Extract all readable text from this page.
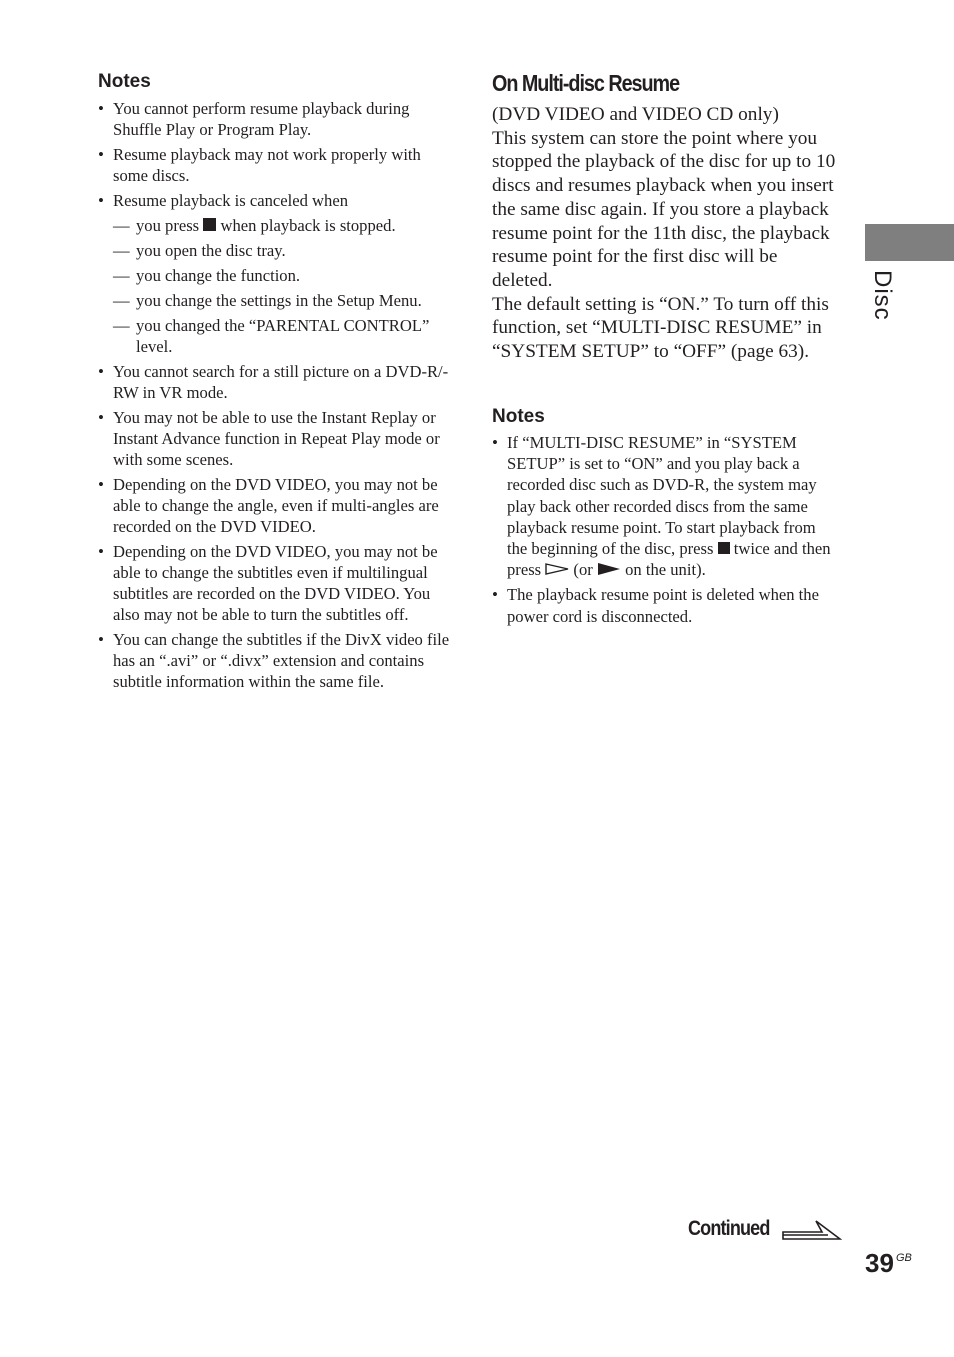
Notes
• You cannot perform resume playback during Shuffle Play or Program Play.
• Resume playback may not work properly with some discs.
• Resume playback is canceled when
— you press when playback is stopped.
— you open the disc tray.
— you change the function.
— you change the settings in the Setup Menu.
— you changed the “PARENTAL CONTROL” level.
• You cannot search for a still picture on a DVD-R/-RW in VR mode.
• You may not be able to use the Instant Replay or Instant Advance function in Repeat Play mode or with some scenes.
• Depending on the DVD VIDEO, you may not be able to change the angle, even if multi-angles are recorded on the DVD VIDEO.
• Depending on the DVD VIDEO, you may not be able to change the subtitles even if multilingual subtitles are recorded on the DVD VIDEO. You also may not be able to turn the subtitles off.
• You can change the subtitles if the DivX video file has an “.avi” or “.divx” extension and contains subtitle information within the same file.
On Multi-disc Resume

(DVD VIDEO and VIDEO CD only)

This system can store the point where you stopped the playback of the disc for up to 10 discs and resumes playback when you insert the same disc again. If you store a playback resume point for the 11th disc, the playback resume point for the first disc will be deleted.

The default setting is “ON.” To turn off this function, set “MULTI-DISC RESUME” in “SYSTEM SETUP” to “OFF” (page 63).

Notes
• If “MULTI-DISC RESUME” in “SYSTEM SETUP” is set to “ON” and you play back a recorded disc such as DVD-R, the system may play back other recorded discs from the same playback resume point. To start playback from the beginning of the disc, press twice and then press (or on the unit).
• The playback resume point is deleted when the power cord is disconnected.
Disc
Continued
39 GB
